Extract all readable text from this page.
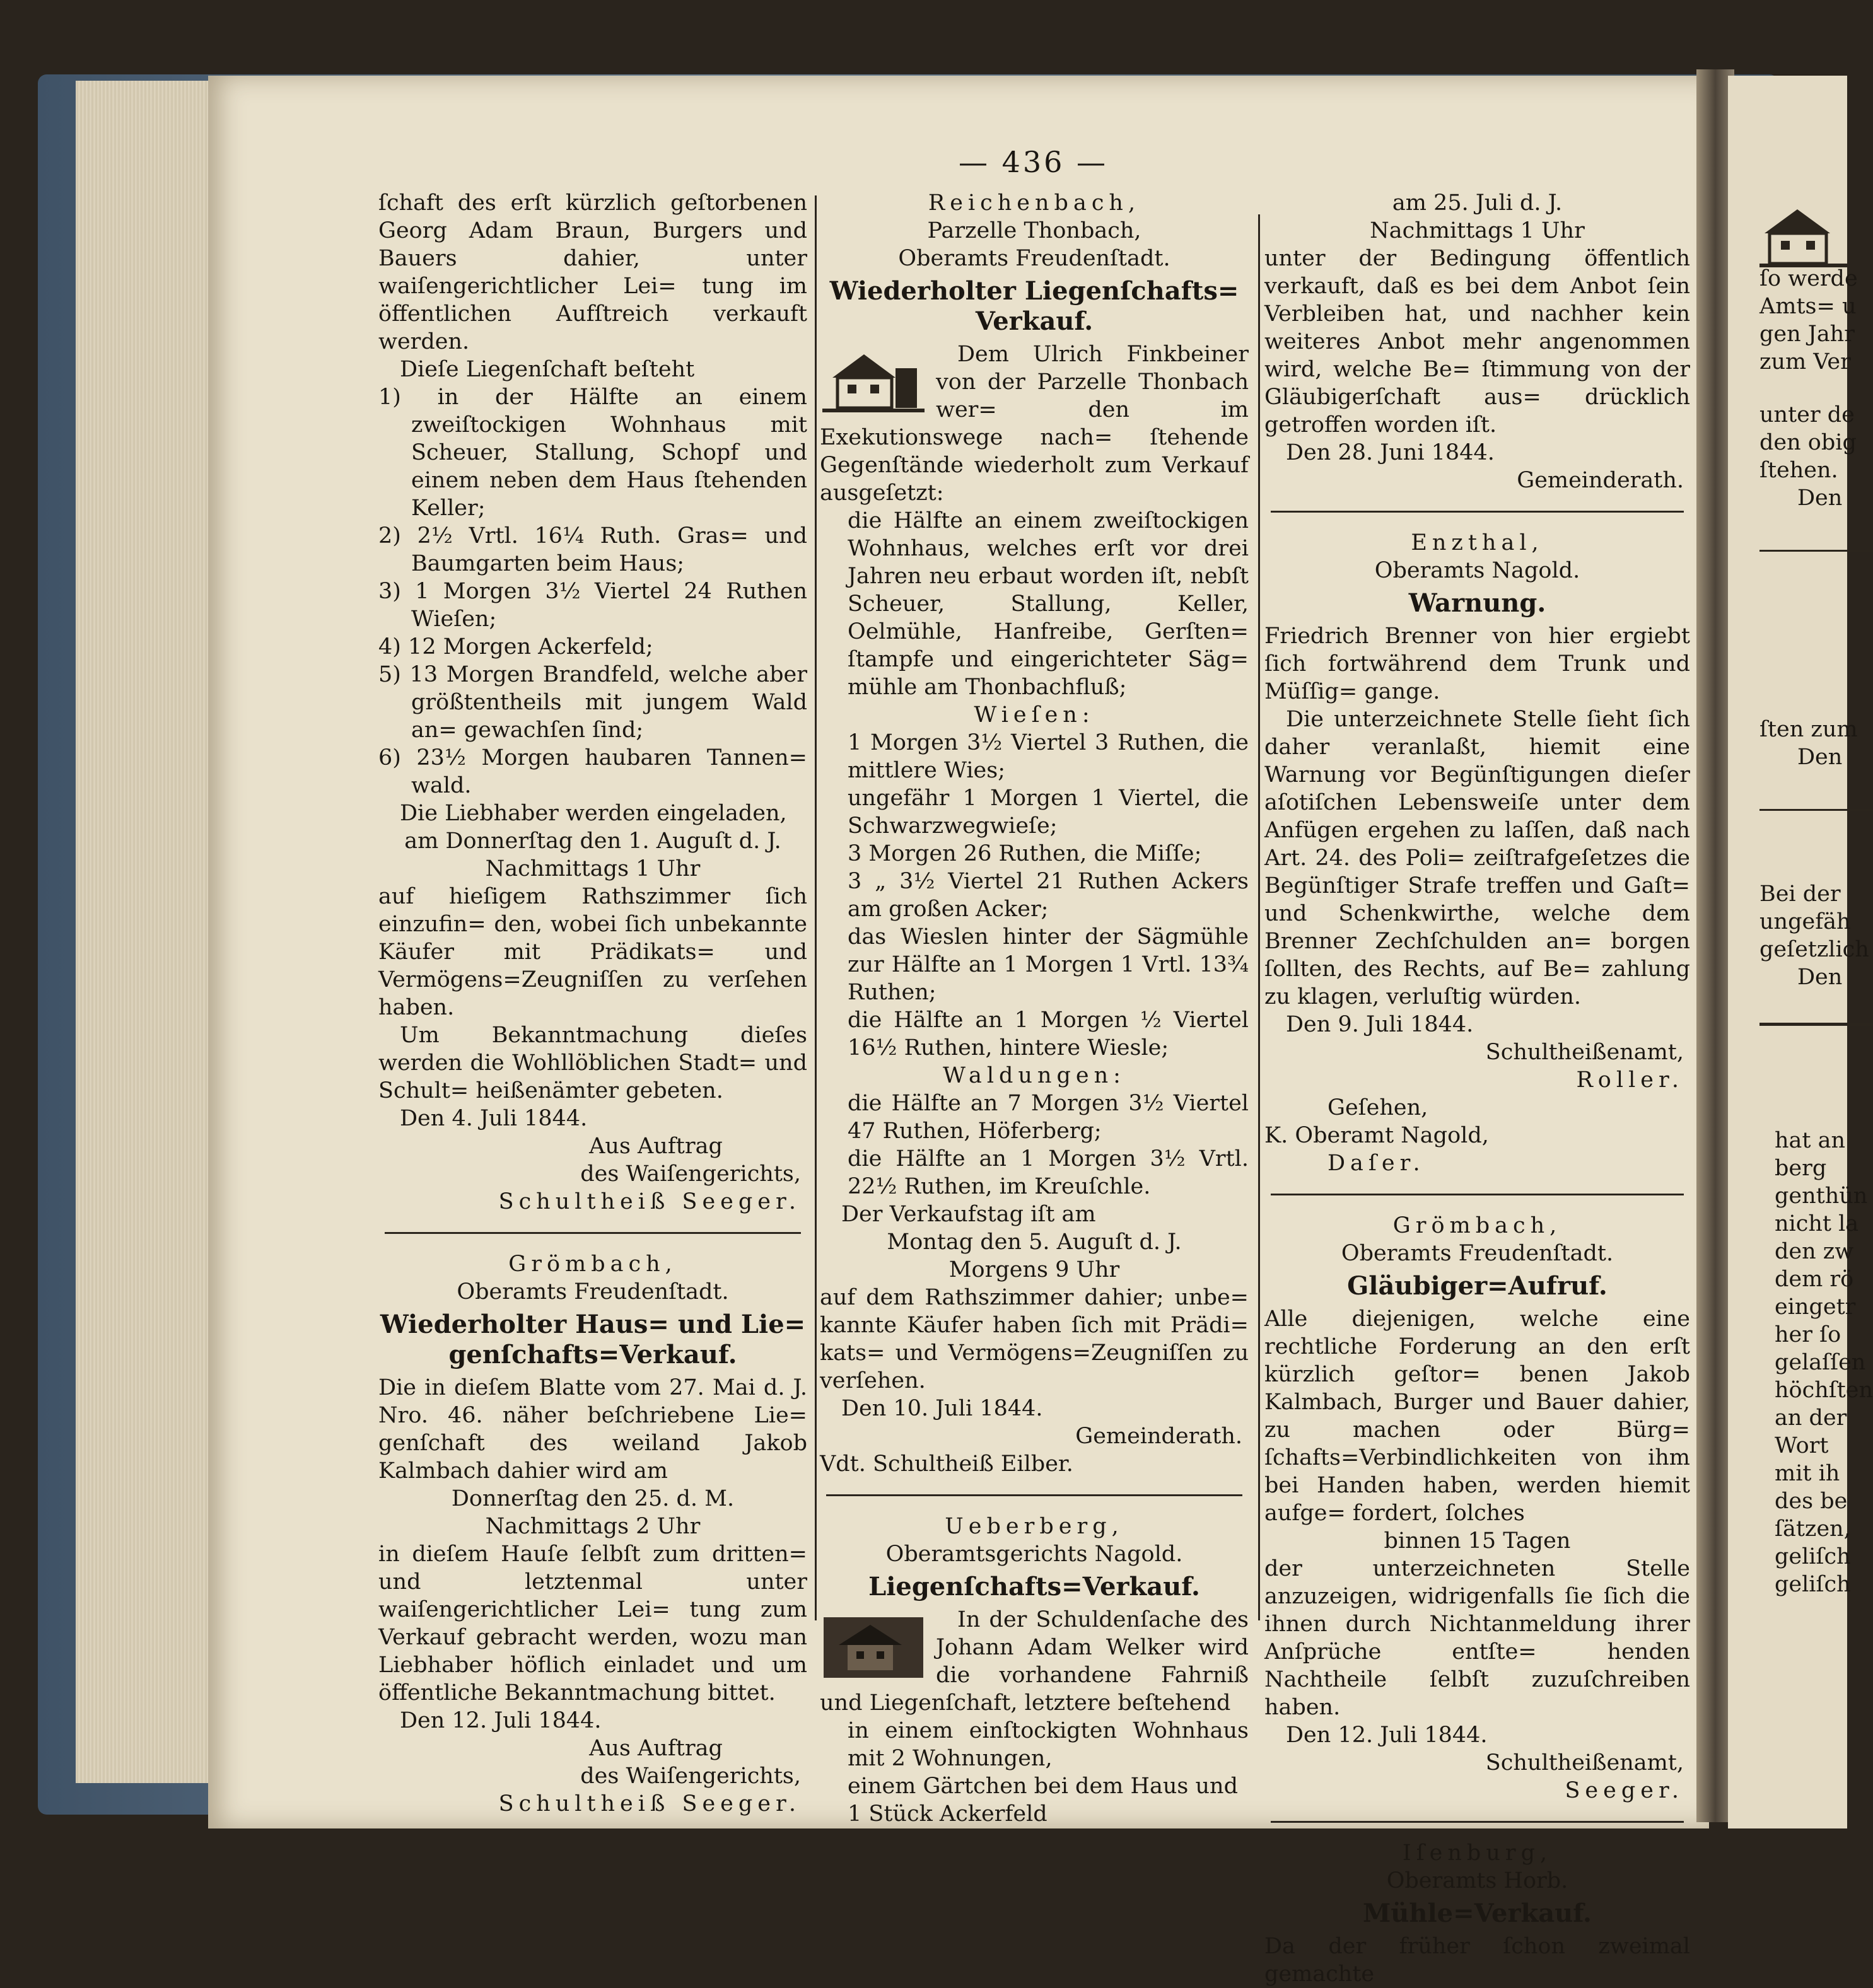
— 436 —

ſchaft des erſt kürzlich geſtorbenen Georg Adam Braun, Burgers und Bauers dahier, unter waiſengerichtlicher Lei= tung im öffentlichen Aufſtreich verkauft werden.

Dieſe Liegenſchaft beſteht

1) in der Hälfte an einem zweiſtockigen Wohnhaus mit Scheuer, Stallung, Schopf und einem neben dem Haus ſtehenden Keller;

2) 2½ Vrtl. 16¼ Ruth. Gras= und Baumgarten beim Haus;

3) 1 Morgen 3½ Viertel 24 Ruthen Wieſen;

4) 12 Morgen Ackerfeld;

5) 13 Morgen Brandfeld, welche aber größtentheils mit jungem Wald an= gewachſen ſind;

6) 23½ Morgen haubaren Tannen= wald.

Die Liebhaber werden eingeladen,

am Donnerſtag den 1. Auguſt d. J.

Nachmittags 1 Uhr

auf hieſigem Rathszimmer ſich einzufin= den, wobei ſich unbekannte Käufer mit Prädikats= und Vermögens=Zeugniſſen zu verſehen haben.

Um Bekanntmachung dieſes werden die Wohllöblichen Stadt= und Schult= heißenämter gebeten.

Den 4. Juli 1844.

Aus Auftrag

des Waiſengerichts,

Schultheiß Seeger.

Grömbach,

Oberamts Freudenſtadt.

Wiederholter Haus= und Lie= genſchafts=Verkauf.

Die in dieſem Blatte vom 27. Mai d. J. Nro. 46. näher beſchriebene Lie= genſchaft des weiland Jakob Kalmbach dahier wird am

Donnerſtag den 25. d. M.

Nachmittags 2 Uhr

in dieſem Hauſe ſelbſt zum dritten= und letztenmal unter waiſengerichtlicher Lei= tung zum Verkauf gebracht werden, wozu man Liebhaber höflich einladet und um öffentliche Bekanntmachung bittet.

Den 12. Juli 1844.

Aus Auftrag

des Waiſengerichts,

Schultheiß Seeger.

Reichenbach,

Parzelle Thonbach,

Oberamts Freudenſtadt.

Wiederholter Liegenſchafts= Verkauf.

Dem Ulrich Finkbeiner von der Parzelle Thonbach wer= den im Exekutionswege nach= ſtehende Gegenſtände wiederholt zum Verkauf ausgeſetzt:

die Hälfte an einem zweiſtockigen Wohnhaus, welches erſt vor drei Jahren neu erbaut worden iſt, nebſt Scheuer, Stallung, Keller, Oelmühle, Hanfreibe, Gerſten= ſtampfe und eingerichteter Säg= mühle am Thonbachfluß;

Wieſen:

1 Morgen 3½ Viertel 3 Ruthen, die mittlere Wies;

ungefähr 1 Morgen 1 Viertel, die Schwarzwegwieſe;

3 Morgen 26 Ruthen, die Miſſe;

3 „ 3½ Viertel 21 Ruthen Ackers am großen Acker;

das Wieslen hinter der Sägmühle zur Hälfte an 1 Morgen 1 Vrtl. 13¾ Ruthen;

die Hälfte an 1 Morgen ½ Viertel 16½ Ruthen, hintere Wiesle;

Waldungen:

die Hälfte an 7 Morgen 3½ Viertel 47 Ruthen, Höferberg;

die Hälfte an 1 Morgen 3½ Vrtl. 22½ Ruthen, im Kreuſchle.

Der Verkaufstag iſt am

Montag den 5. Auguſt d. J.

Morgens 9 Uhr

auf dem Rathszimmer dahier; unbe= kannte Käufer haben ſich mit Prädi= kats= und Vermögens=Zeugniſſen zu verſehen.

Den 10. Juli 1844.

Gemeinderath.

Vdt. Schultheiß Eilber.

Ueberberg,

Oberamtsgerichts Nagold.

Liegenſchafts=Verkauf.

In der Schuldenſache des Johann Adam Welker wird die vorhandene Fahrniß und Liegenſchaft, letztere beſtehend

in einem einſtockigten Wohnhaus mit 2 Wohnungen,

einem Gärtchen bei dem Haus und

1 Stück Ackerfeld

am 25. Juli d. J.

Nachmittags 1 Uhr

unter der Bedingung öffentlich verkauft, daß es bei dem Anbot ſein Verbleiben hat, und nachher kein weiteres Anbot mehr angenommen wird, welche Be= ſtimmung von der Gläubigerſchaft aus= drücklich getroffen worden iſt.

Den 28. Juni 1844.

Gemeinderath.

Enzthal,

Oberamts Nagold.

Warnung.

Friedrich Brenner von hier ergiebt ſich fortwährend dem Trunk und Müſſig= gange.

Die unterzeichnete Stelle ſieht ſich daher veranlaßt, hiemit eine Warnung vor Begünſtigungen dieſer aſotiſchen Lebensweiſe unter dem Anfügen ergehen zu laſſen, daß nach Art. 24. des Poli= zeiſtrafgeſetzes die Begünſtiger Strafe treffen und Gaſt= und Schenkwirthe, welche dem Brenner Zechſchulden an= borgen ſollten, des Rechts, auf Be= zahlung zu klagen, verluſtig würden.

Den 9. Juli 1844.

Schultheißenamt,

Roller.

Geſehen,

K. Oberamt Nagold,

Daſer.

Grömbach,

Oberamts Freudenſtadt.

Gläubiger=Aufruf.

Alle diejenigen, welche eine rechtliche Forderung an den erſt kürzlich geſtor= benen Jakob Kalmbach, Burger und Bauer dahier, zu machen oder Bürg= ſchafts=Verbindlichkeiten von ihm bei Handen haben, werden hiemit aufge= fordert, ſolches

binnen 15 Tagen

der unterzeichneten Stelle anzuzeigen, widrigenfalls ſie ſich die ihnen durch Nichtanmeldung ihrer Anſprüche entſte= henden Nachtheile ſelbſt zuzuſchreiben haben.

Den 12. Juli 1844.

Schultheißenamt,

Seeger.

Iſenburg,

Oberamts Horb.

Mühle=Verkauf.

Da der früher ſchon zweimal gemachte

ſo werde
Amts= u
gen Jahr
zum Ver
unter de
den obig
ſtehen.
Den
ſten zum
Den
Bei der
ungefäh
geſetzlich
Den
hat an
berg
genthün
nicht la
den zw
dem rö
eingetr
her ſo
gelaſſen
höchſten
an der
Wort
mit ih
des be
ſätzen,
geliſch
geliſch
